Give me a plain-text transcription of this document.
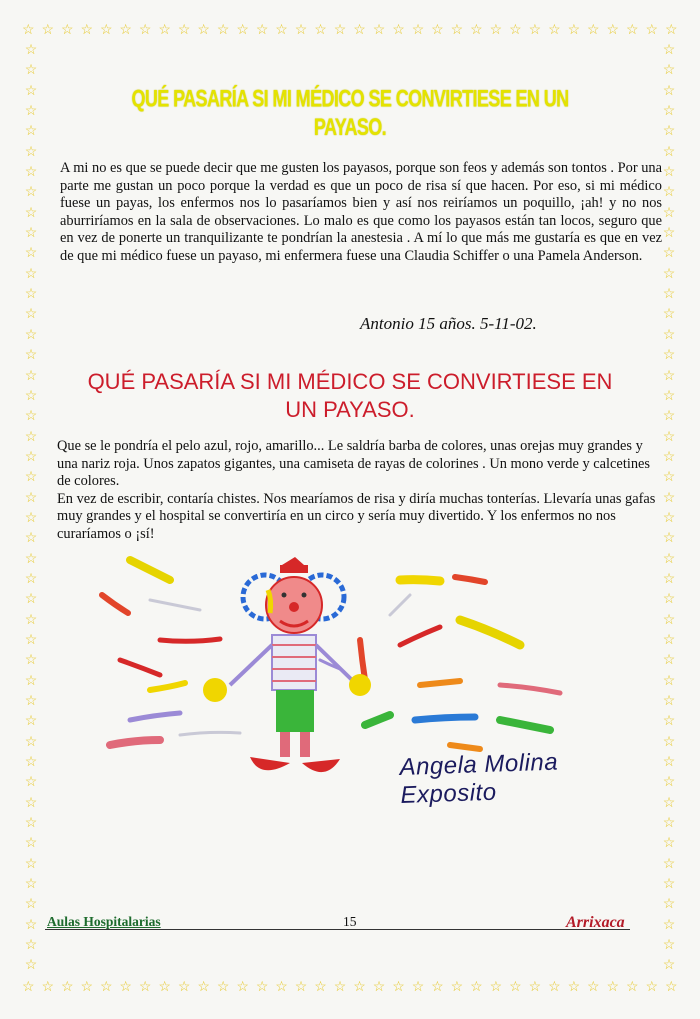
☆ ☆ ☆ ☆ ☆ ☆ ☆ ☆ ☆ ☆ ☆ ☆ ☆ ☆ ☆ ☆ ☆ ☆ ☆ ☆ ☆ ☆ ☆ ☆ ☆ ☆ ☆ ☆ ☆ ☆ ☆ ☆ ☆ ☆
☆ ☆ ☆ ☆ ☆ ☆ ☆ ☆ ☆ ☆ ☆ ☆ ☆ ☆ ☆ ☆ ☆ ☆ ☆ ☆ ☆ ☆ ☆ ☆ ☆ ☆ ☆ ☆ ☆ ☆ ☆ ☆ ☆ ☆
☆
☆
☆
☆
☆
☆
☆
☆
☆
☆
☆
☆
☆
☆
☆
☆
☆
☆
☆
☆
☆
☆
☆
☆
☆
☆
☆
☆
☆
☆
☆
☆
☆
☆
☆
☆
☆
☆
☆
☆
☆
☆
☆
☆
☆
☆
☆
☆
☆
☆
☆
☆
☆
☆
☆
☆
☆
☆
☆
☆
☆
☆
☆
☆
☆
☆
☆
☆
☆
☆
☆
☆
☆
☆
☆
☆
☆
☆
☆
☆
☆
☆
☆
☆
☆
☆
☆
☆
☆
☆
☆
☆
QUÉ PASARÍA SI MI MÉDICO SE CONVIRTIESE EN UN PAYASO.

A mi no es que se puede decir que me gusten los payasos, porque son feos y además son tontos . Por una parte me gustan un poco porque la verdad es que un poco de risa sí que hacen. Por eso, si mi médico fuese un payas, los enfermos nos lo pasaríamos bien y así nos reiríamos un poquillo, ¡ah! y no nos aburriríamos en la sala de observaciones. Lo malo es que como los payasos están tan locos, seguro que en vez de ponerte un tranquilizante te pondrían la anestesia . A mí lo que más me gustaría es que en vez de que mi médico fuese un payaso, mi enfermera fuese una Claudia Schiffer o una Pamela Anderson.

Antonio 15 años. 5-11-02.
QUÉ PASARÍA SI MI MÉDICO SE CONVIRTIESE EN UN PAYASO.
Que se le pondría el pelo azul, rojo, amarillo... Le saldría barba de colores, unas orejas muy grandes y una nariz roja. Unos zapatos gigantes, una camiseta de rayas de colorines . Un mono verde y calcetines de colores.
En vez de escribir, contaría chistes. Nos mearíamos de risa y diría muchas tonterías. Llevaría unas gafas muy grandes y el hospital se convertiría en un circo y sería muy divertido. Y los enfermos no nos curaríamos o ¡sí!
Angela Molina Exposito
Aulas Hospitalarias	15	Arrixaca
